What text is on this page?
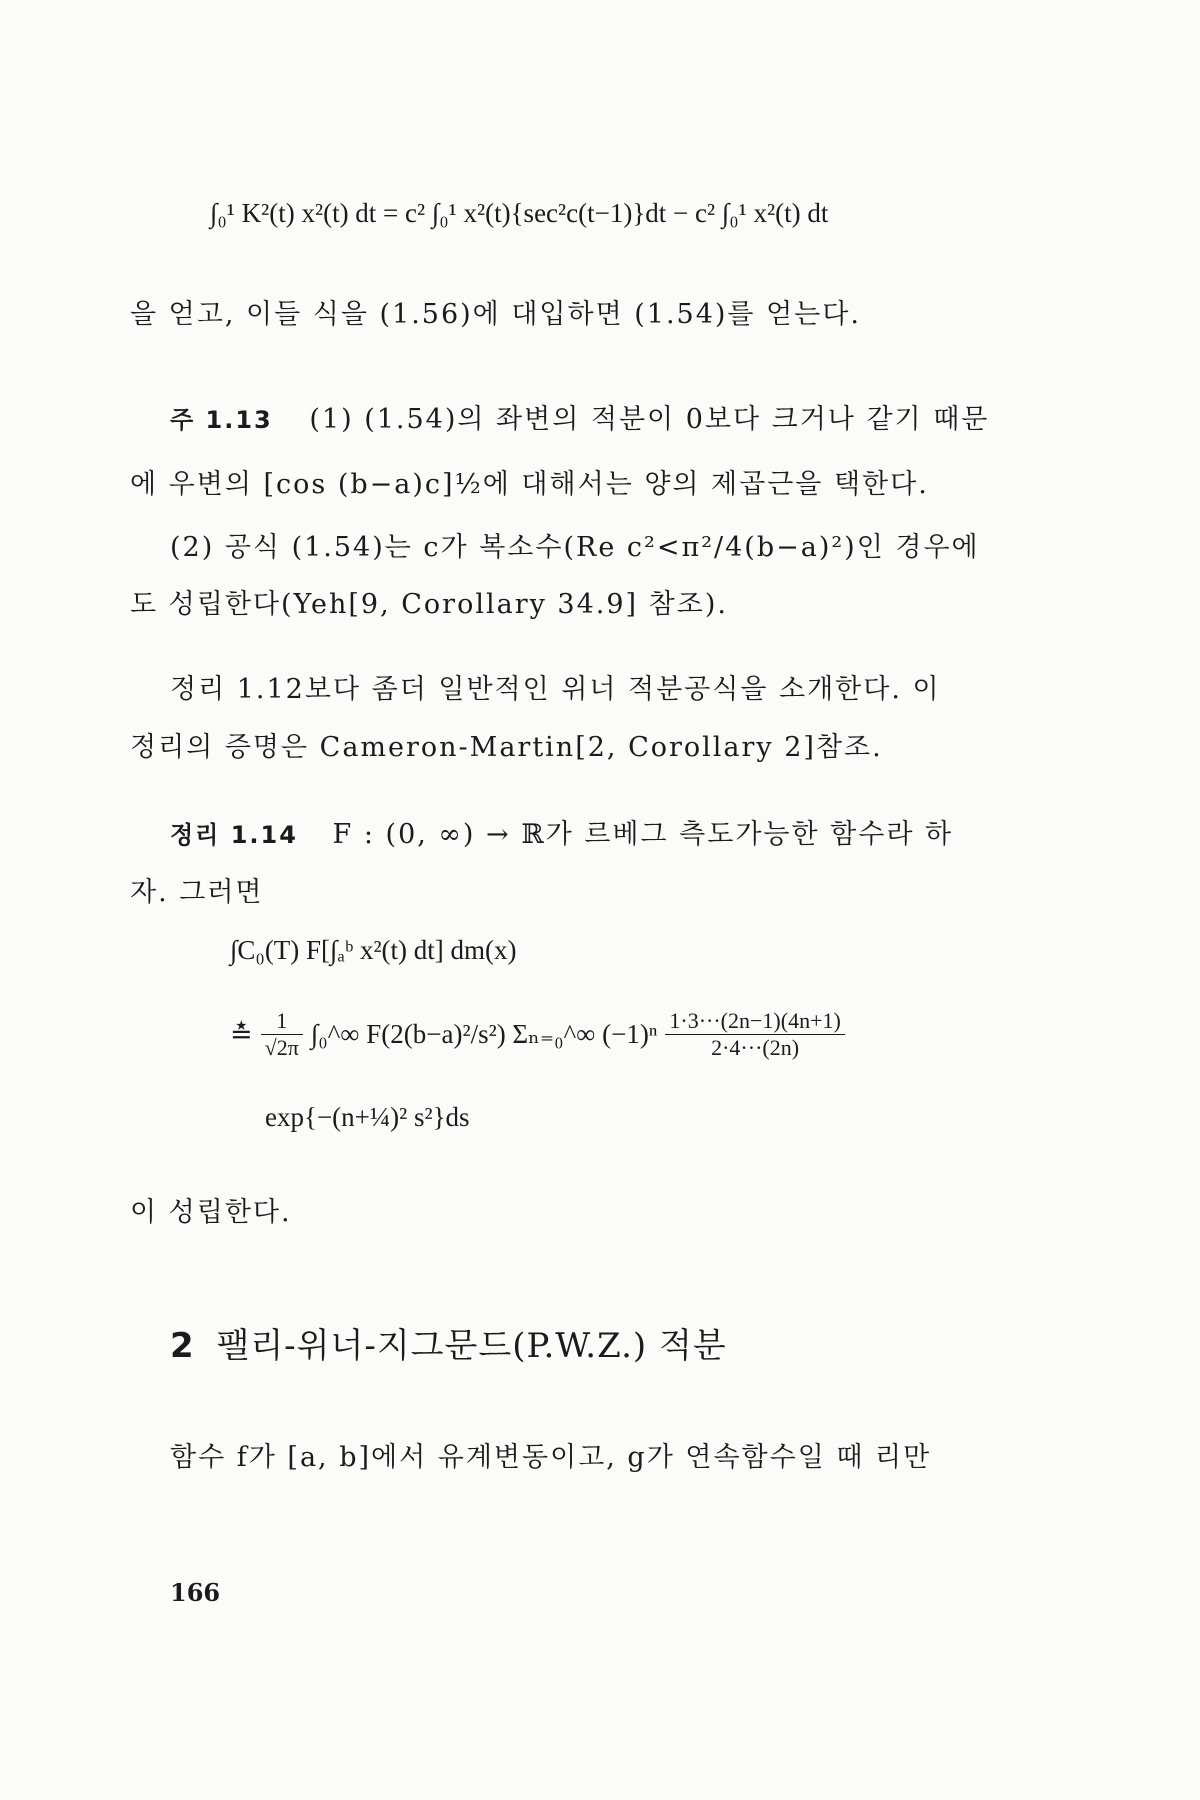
∫₀¹ K²(t) x²(t) dt = c² ∫₀¹ x²(t){sec²c(t−1)}dt − c² ∫₀¹ x²(t) dt
을 얻고, 이들 식을 (1.56)에 대입하면 (1.54)를 얻는다.
주 1.13 (1) (1.54)의 좌변의 적분이 0보다 크거나 같기 때문
에 우변의 [cos (b−a)c]½에 대해서는 양의 제곱근을 택한다.
(2) 공식 (1.54)는 c가 복소수(Re c²<π²/4(b−a)²)인 경우에
도 성립한다(Yeh[9, Corollary 34.9] 참조).
정리 1.12보다 좀더 일반적인 위너 적분공식을 소개한다. 이
정리의 증명은 Cameron-Martin[2, Corollary 2]참조.
정리 1.14 F : (0, ∞) → ℝ가 르베그 측도가능한 함수라 하
자. 그러면
∫C₀(T) F[∫ₐᵇ x²(t) dt] dm(x)
≛ $\frac{1}{√2\pi}$ ∫₀^∞ F(2(b−a)²/s²) Σₙ₌₀^∞ $(-1)^n \frac{1\cdot 3\cdot\cdot\cdot(2n-1)(4n+1)}{2\cdot 4\cdot\cdot\cdot(2n)}$
exp{−(n+¼)² s²}ds
이 성립한다.
2 팰리-위너-지그문드(P.W.Z.) 적분
함수 f가 [a, b]에서 유계변동이고, g가 연속함수일 때 리만
166
